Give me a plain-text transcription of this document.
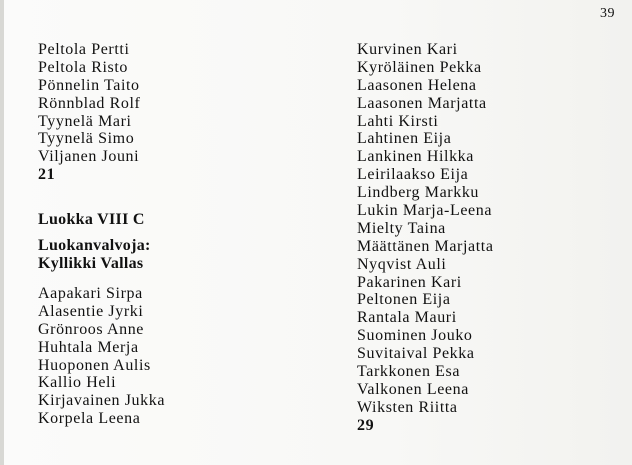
39
Peltola Pertti
Peltola Risto
Pönnelin Taito
Rönnblad Rolf
Tyynelä Mari
Tyynelä Simo
Viljanen Jouni
21
Luokka VIII C
Luokanvalvoja:
Kyllikki Vallas
Aapakari Sirpa
Alasentie Jyrki
Grönroos Anne
Huhtala Merja
Huoponen Aulis
Kallio Heli
Kirjavainen Jukka
Korpela Leena
Kurvinen Kari
Kyröläinen Pekka
Laasonen Helena
Laasonen Marjatta
Lahti Kirsti
Lahtinen Eija
Lankinen Hilkka
Leirilaakso Eija
Lindberg Markku
Lukin Marja-Leena
Mielty Taina
Määttänen Marjatta
Nyqvist Auli
Pakarinen Kari
Peltonen Eija
Rantala Mauri
Suominen Jouko
Suvitaival Pekka
Tarkkonen Esa
Valkonen Leena
Wiksten Riitta
29
